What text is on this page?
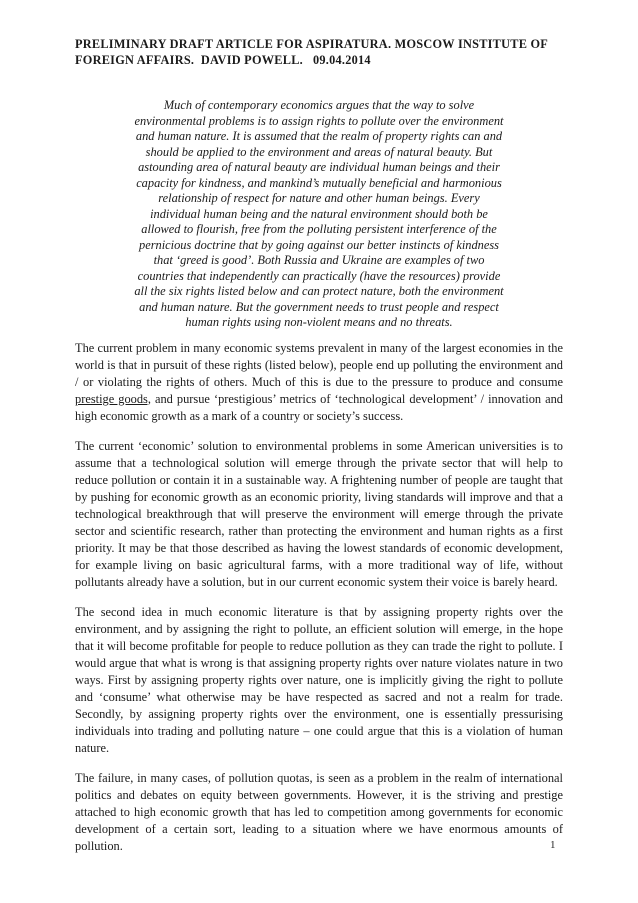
PRELIMINARY DRAFT ARTICLE FOR ASPIRATURA. MOSCOW INSTITUTE OF FOREIGN AFFAIRS.  DAVID POWELL.   09.04.2014
Much of contemporary economics argues that the way to solve
environmental problems is to assign rights to pollute over the environment
and human nature. It is assumed that the realm of property rights can and
should be applied to the environment and areas of natural beauty. But
astounding area of natural beauty are individual human beings and their
capacity for kindness, and mankind’s mutually beneficial and harmonious
relationship of respect for nature and other human beings. Every
individual human being and the natural environment should both be
allowed to flourish, free from the polluting persistent interference of the
pernicious doctrine that by going against our better instincts of kindness
that ‘greed is good’. Both Russia and Ukraine are examples of two
countries that independently can practically (have the resources) provide
all the six rights listed below and can protect nature, both the environment
and human nature. But the government needs to trust people and respect
human rights using non-violent means and no threats.

The current problem in many economic systems prevalent in many of the largest economies in the world is that in pursuit of these rights (listed below), people end up polluting the environment and / or violating the rights of others. Much of this is due to the pressure to produce and consume prestige goods, and pursue ‘prestigious’ metrics of ‘technological development’ / innovation and high economic growth as a mark of a country or society’s success.

The current ‘economic’ solution to environmental problems in some American universities is to assume that a technological solution will emerge through the private sector that will help to reduce pollution or contain it in a sustainable way. A frightening number of people are taught that by pushing for economic growth as an economic priority, living standards will improve and that a technological breakthrough that will preserve the environment will emerge through the private sector and scientific research, rather than protecting the environment and human rights as a first priority. It may be that those described as having the lowest standards of economic development, for example living on basic agricultural farms, with a more traditional way of life, without pollutants already have a solution, but in our current economic system their voice is barely heard.

The second idea in much economic literature is that by assigning property rights over the environment, and by assigning the right to pollute, an efficient solution will emerge, in the hope that it will become profitable for people to reduce pollution as they can trade the right to pollute. I would argue that what is wrong is that assigning property rights over nature violates nature in two ways. First by assigning property rights over nature, one is implicitly giving the right to pollute and ‘consume’ what otherwise may be have respected as sacred and not a realm for trade. Secondly, by assigning property rights over the environment, one is essentially pressurising individuals into trading and polluting nature – one could argue that this is a violation of human nature.

The failure, in many cases, of pollution quotas, is seen as a problem in the realm of international politics and debates on equity between governments. However, it is the striving and prestige attached to high economic growth that has led to competition among governments for economic development of a certain sort, leading to a situation where we have enormous amounts of pollution.	1
